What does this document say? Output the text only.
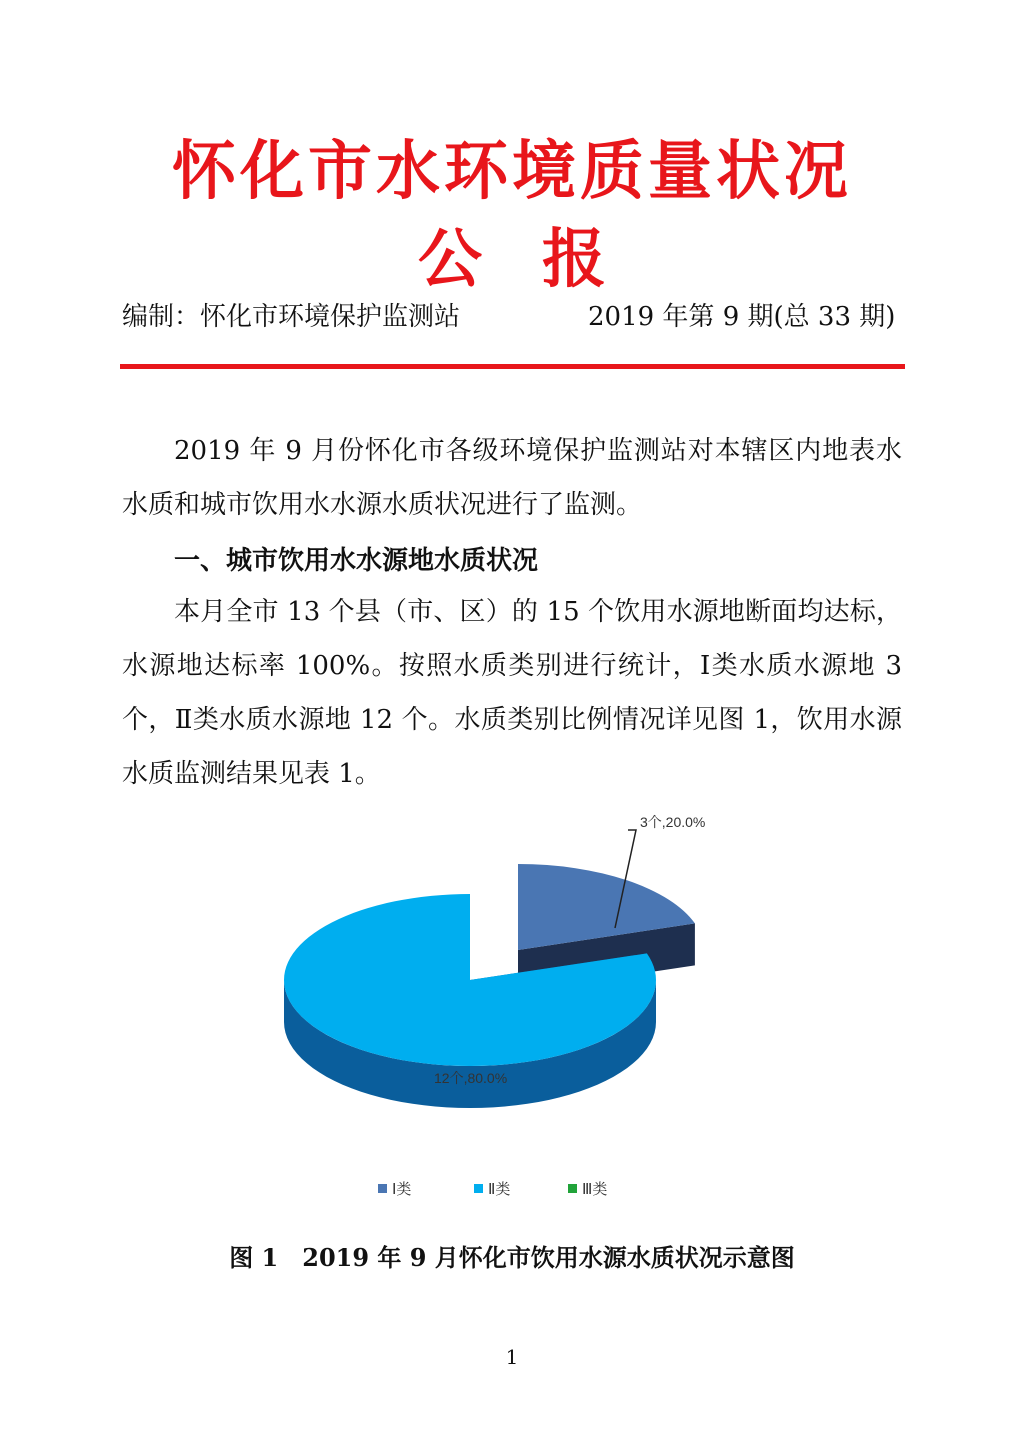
怀化市水环境质量状况
公 报
编制：怀化市环境保护监测站	2019 年第 9 期(总 33 期)
2019 年 9 月份怀化市各级环境保护监测站对本辖区内地表水水质和城市饮用水水源水质状况进行了监测。
一、城市饮用水水源地水质状况
本月全市 13 个县（市、区）的 15 个饮用水源地断面均达标，水源地达标率 100%。按照水质类别进行统计，Ⅰ类水质水源地 3 个，Ⅱ类水质水源地 12 个。水质类别比例情况详见图 1，饮用水源水质监测结果见表 1。
3个,20.0%
12个,80.0%
Ⅰ类	Ⅱ类	Ⅲ类
图 1　2019 年 9 月怀化市饮用水源水质状况示意图
1
